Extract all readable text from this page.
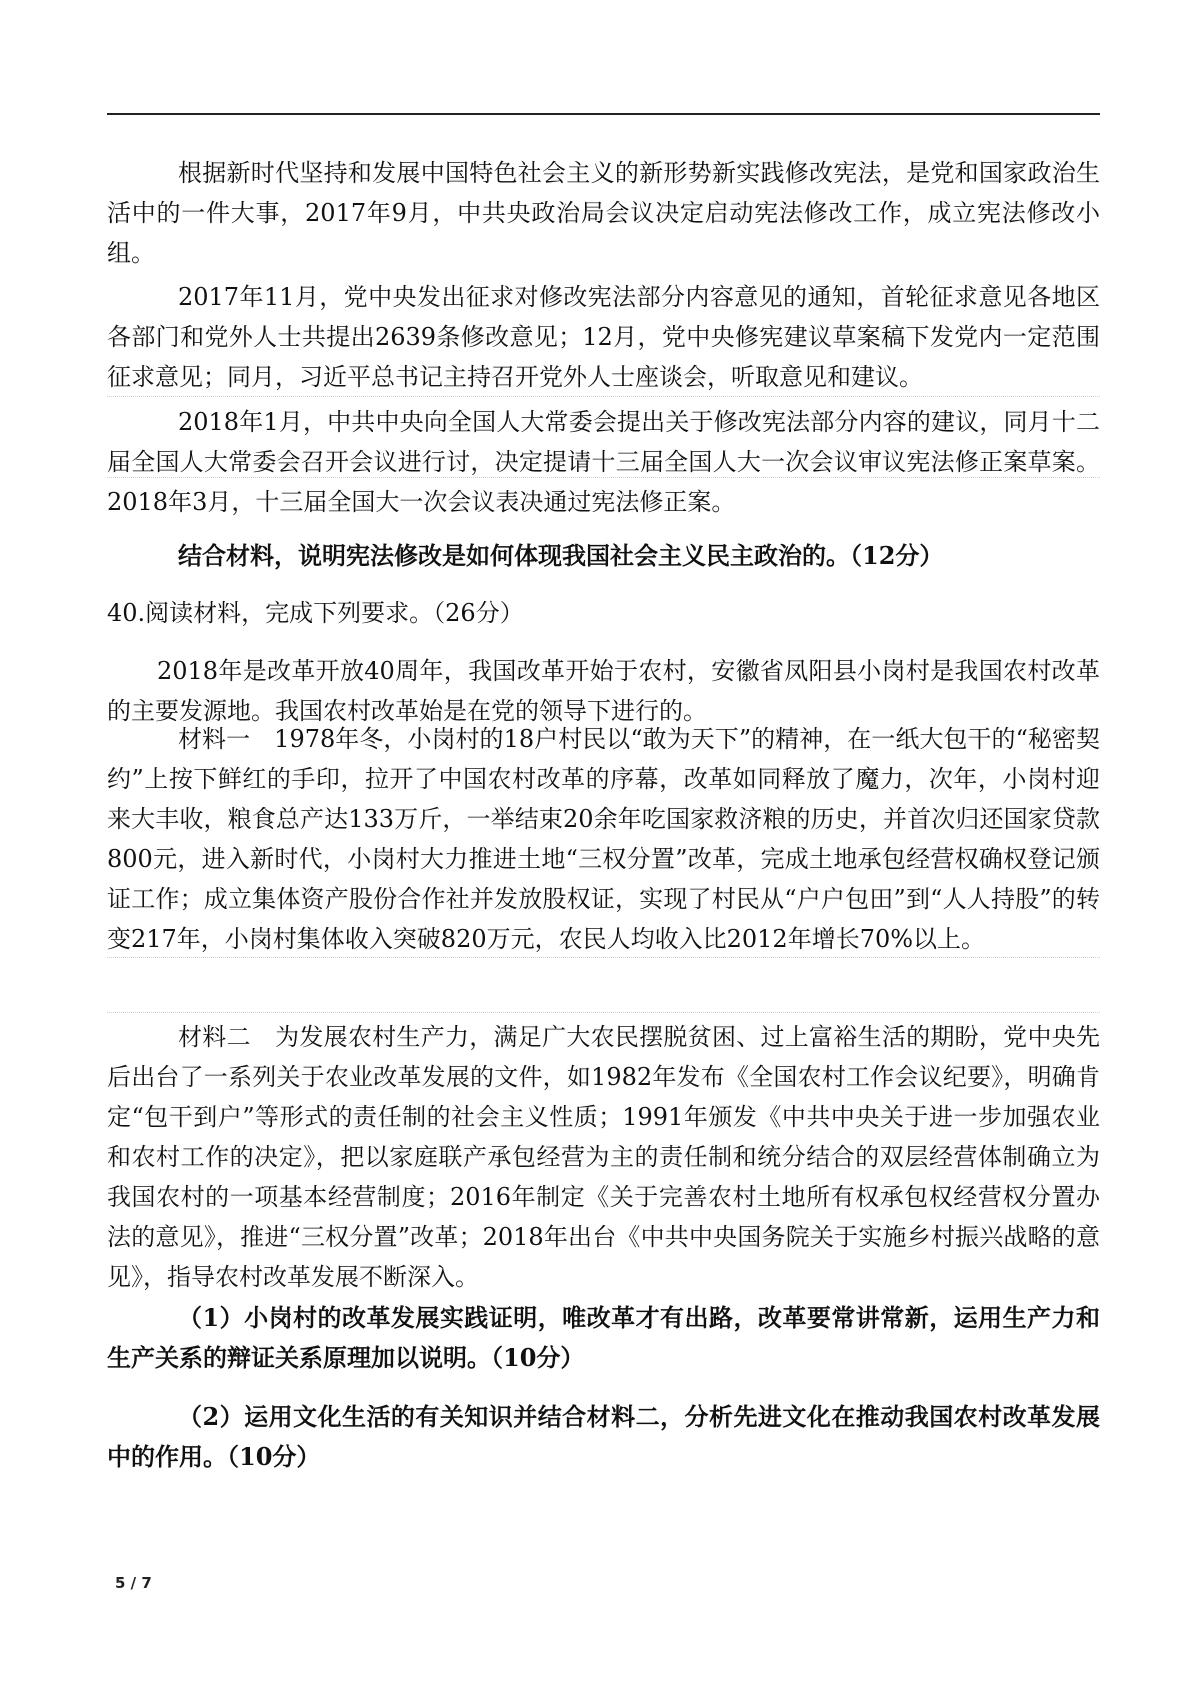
根据新时代坚持和发展中国特色社会主义的新形势新实践修改宪法，是党和国家政治生活中的一件大事，2017年9月，中共央政治局会议决定启动宪法修改工作，成立宪法修改小组。

2017年11月，党中央发出征求对修改宪法部分内容意见的通知，首轮征求意见各地区各部门和党外人士共提出2639条修改意见；12月，党中央修宪建议草案稿下发党内一定范围征求意见；同月，习近平总书记主持召开党外人士座谈会，听取意见和建议。

2018年1月，中共中央向全国人大常委会提出关于修改宪法部分内容的建议，同月十二届全国人大常委会召开会议进行讨，决定提请十三届全国人大一次会议审议宪法修正案草案。2018年3月，十三届全国大一次会议表决通过宪法修正案。

结合材料，说明宪法修改是如何体现我国社会主义民主政治的。（12分）

40.阅读材料，完成下列要求。（26分）

2018年是改革开放40周年，我国改革开始于农村，安徽省凤阳县小岗村是我国农村改革的主要发源地。我国农村改革始是在党的领导下进行的。

材料一　1978年冬，小岗村的18户村民以“敢为天下”的精神，在一纸大包干的“秘密契约”上按下鲜红的手印，拉开了中国农村改革的序幕，改革如同释放了魔力，次年，小岗村迎来大丰收，粮食总产达133万斤，一举结束20余年吃国家救济粮的历史，并首次归还国家贷款800元，进入新时代，小岗村大力推进土地“三权分置”改革，完成土地承包经营权确权登记颁证工作；成立集体资产股份合作社并发放股权证，实现了村民从“户户包田”到“人人持股”的转变217年，小岗村集体收入突破820万元，农民人均收入比2012年增长70%以上。

材料二　为发展农村生产力，满足广大农民摆脱贫困、过上富裕生活的期盼，党中央先后出台了一系列关于农业改革发展的文件，如1982年发布《全国农村工作会议纪要》，明确肯定“包干到户”等形式的责任制的社会主义性质；1991年颁发《中共中央关于进一步加强农业和农村工作的决定》，把以家庭联产承包经营为主的责任制和统分结合的双层经营体制确立为我国农村的一项基本经营制度；2016年制定《关于完善农村土地所有权承包权经营权分置办法的意见》，推进“三权分置”改革；2018年出台《中共中央国务院关于实施乡村振兴战略的意见》，指导农村改革发展不断深入。

（1）小岗村的改革发展实践证明，唯改革才有出路，改革要常讲常新，运用生产力和生产关系的辩证关系原理加以说明。（10分）

（2）运用文化生活的有关知识并结合材料二，分析先进文化在推动我国农村改革发展中的作用。（10分）

5 / 7
